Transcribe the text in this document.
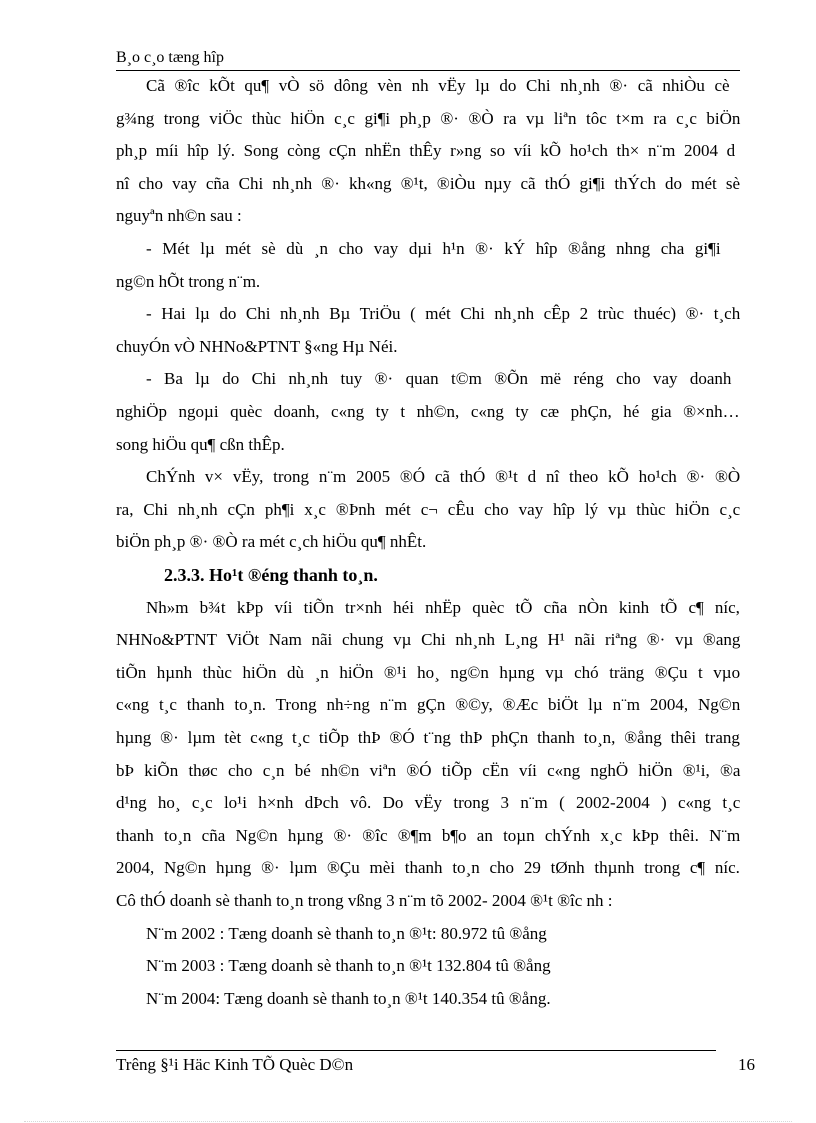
B¸o c¸o tæng hîp
Cã ®îc kÕt qu¶ vÒ sö dông vèn nh vËy lµ do Chi nh¸nh ®· cã nhiÒu cè
g¾ng trong viÖc thùc hiÖn c¸c gi¶i ph¸p ®· ®Ò ra vµ liªn tôc t×m ra c¸c biÖn
ph¸p míi hîp lý. Song còng cÇn nhËn thÊy r»ng so víi kÕ ho¹ch th× n¨m 2004 d
nî cho vay cña Chi nh¸nh ®· kh«ng ®¹t, ®iÒu nµy cã thÓ gi¶i thÝch do mét sè
nguyªn nh©n sau :
- Mét lµ mét sè dù ¸n cho vay dµi h¹n ®· kÝ hîp ®ång nhng cha gi¶i
ng©n hÕt trong n¨m.
- Hai lµ do Chi nh¸nh Bµ TriÖu ( mét Chi nh¸nh cÊp 2 trùc thuéc) ®· t¸ch
chuyÓn vÒ NHNo&PTNT §«ng Hµ Néi.
- Ba lµ do Chi nh¸nh tuy ®· quan t©m ®Õn më réng cho vay doanh
nghiÖp ngoµi quèc doanh, c«ng ty t nh©n, c«ng ty cæ phÇn, hé gia ®×nh…
song hiÖu qu¶ cßn thÊp.
ChÝnh v× vËy, trong n¨m 2005 ®Ó cã thÓ ®¹t d nî theo kÕ ho¹ch ®· ®Ò
ra, Chi nh¸nh cÇn ph¶i x¸c ®Þnh mét c¬ cÊu cho vay hîp lý vµ thùc hiÖn c¸c
biÖn ph¸p ®· ®Ò ra mét c¸ch hiÖu qu¶ nhÊt.
2.3.3. Ho¹t ®éng thanh to¸n.
Nh»m b¾t kÞp víi tiÕn tr×nh héi nhËp quèc tÕ cña nÒn kinh tÕ c¶ níc,
NHNo&PTNT ViÖt Nam nãi chung vµ Chi nh¸nh L¸ng H¹ nãi riªng ®· vµ ®ang
tiÕn hµnh thùc hiÖn dù ¸n hiÖn ®¹i ho¸ ng©n hµng vµ chó träng ®Çu t vµo
c«ng t¸c thanh to¸n. Trong nh÷ng n¨m gÇn ®©y, ®Æc biÖt lµ n¨m 2004, Ng©n
hµng ®· lµm tèt c«ng t¸c tiÕp thÞ ®Ó t¨ng thÞ phÇn thanh to¸n, ®ång thêi trang
bÞ kiÕn thøc cho c¸n bé nh©n viªn ®Ó tiÕp cËn víi c«ng nghÖ hiÖn ®¹i, ®a
d¹ng ho¸ c¸c lo¹i h×nh dÞch vô. Do vËy trong 3 n¨m ( 2002-2004 ) c«ng t¸c
thanh to¸n cña Ng©n hµng ®· ®îc ®¶m b¶o an toµn chÝnh x¸c kÞp thêi. N¨m
2004, Ng©n hµng ®· lµm ®Çu mèi thanh to¸n cho 29 tØnh thµnh trong c¶ níc.
Cô thÓ doanh sè thanh to¸n trong vßng 3 n¨m tõ 2002- 2004 ®¹t ®îc nh :
N¨m 2002 : Tæng doanh sè thanh to¸n ®¹t: 80.972 tû ®ång
N¨m 2003 : Tæng doanh sè thanh to¸n ®¹t 132.804 tû ®ång
N¨m 2004: Tæng doanh sè thanh to¸n ®¹t 140.354 tû ®ång.
Trêng §¹i Häc Kinh TÕ Quèc D©n	16
